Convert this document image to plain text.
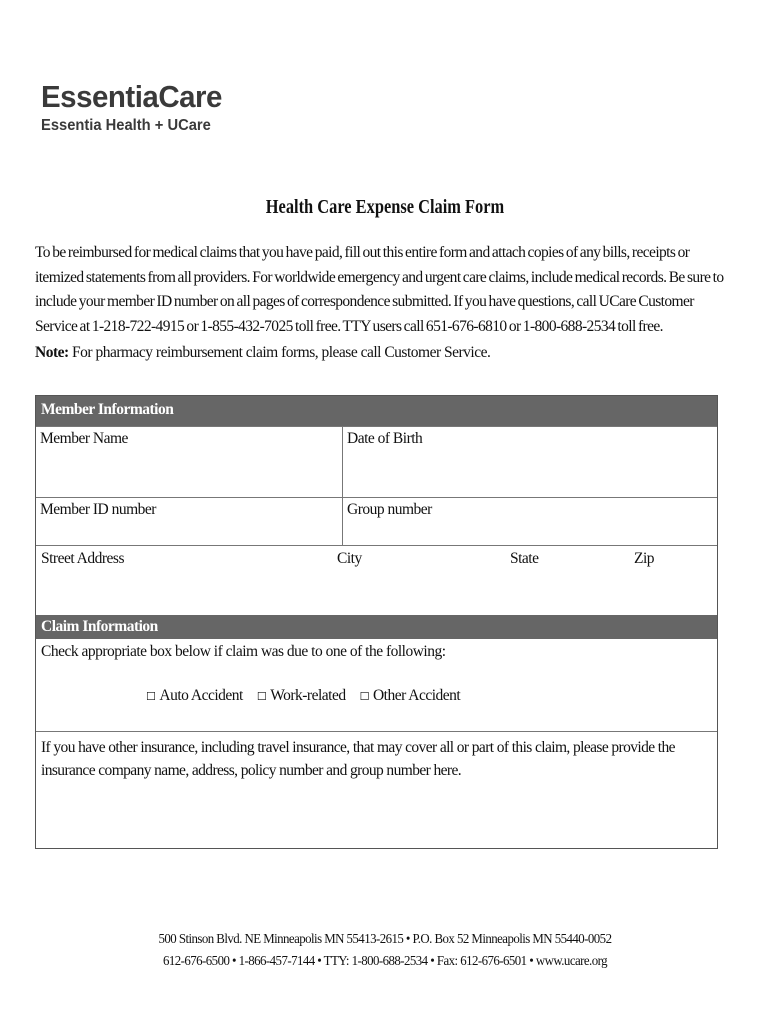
EssentiaCare
Essentia Health + UCare
Health Care Expense Claim Form
To be reimbursed for medical claims that you have paid, fill out this entire form and attach copies of any bills, receipts or itemized statements from all providers. For worldwide emergency and urgent care claims, include medical records. Be sure to include your member ID number on all pages of correspondence submitted. If you have questions, call UCare Customer Service at 1-218-722-4915 or 1-855-432-7025 toll free. TTY users call 651-676-6810 or 1-800-688-2534 toll free.
Note: For pharmacy reimbursement claim forms, please call Customer Service.
Member Information
Member Name	Date of Birth
Member ID number	Group number
Street Address	City	State	Zip
Claim Information
Check appropriate box below if claim was due to one of the following:
☐ Auto Accident ☐ Work-related ☐ Other Accident
If you have other insurance, including travel insurance, that may cover all or part of this claim, please provide the insurance company name, address, policy number and group number here.
500 Stinson Blvd. NE Minneapolis MN 55413-2615 • P.O. Box 52 Minneapolis MN 55440-0052
612-676-6500 • 1-866-457-7144 • TTY: 1-800-688-2534 • Fax: 612-676-6501 • www.ucare.org
